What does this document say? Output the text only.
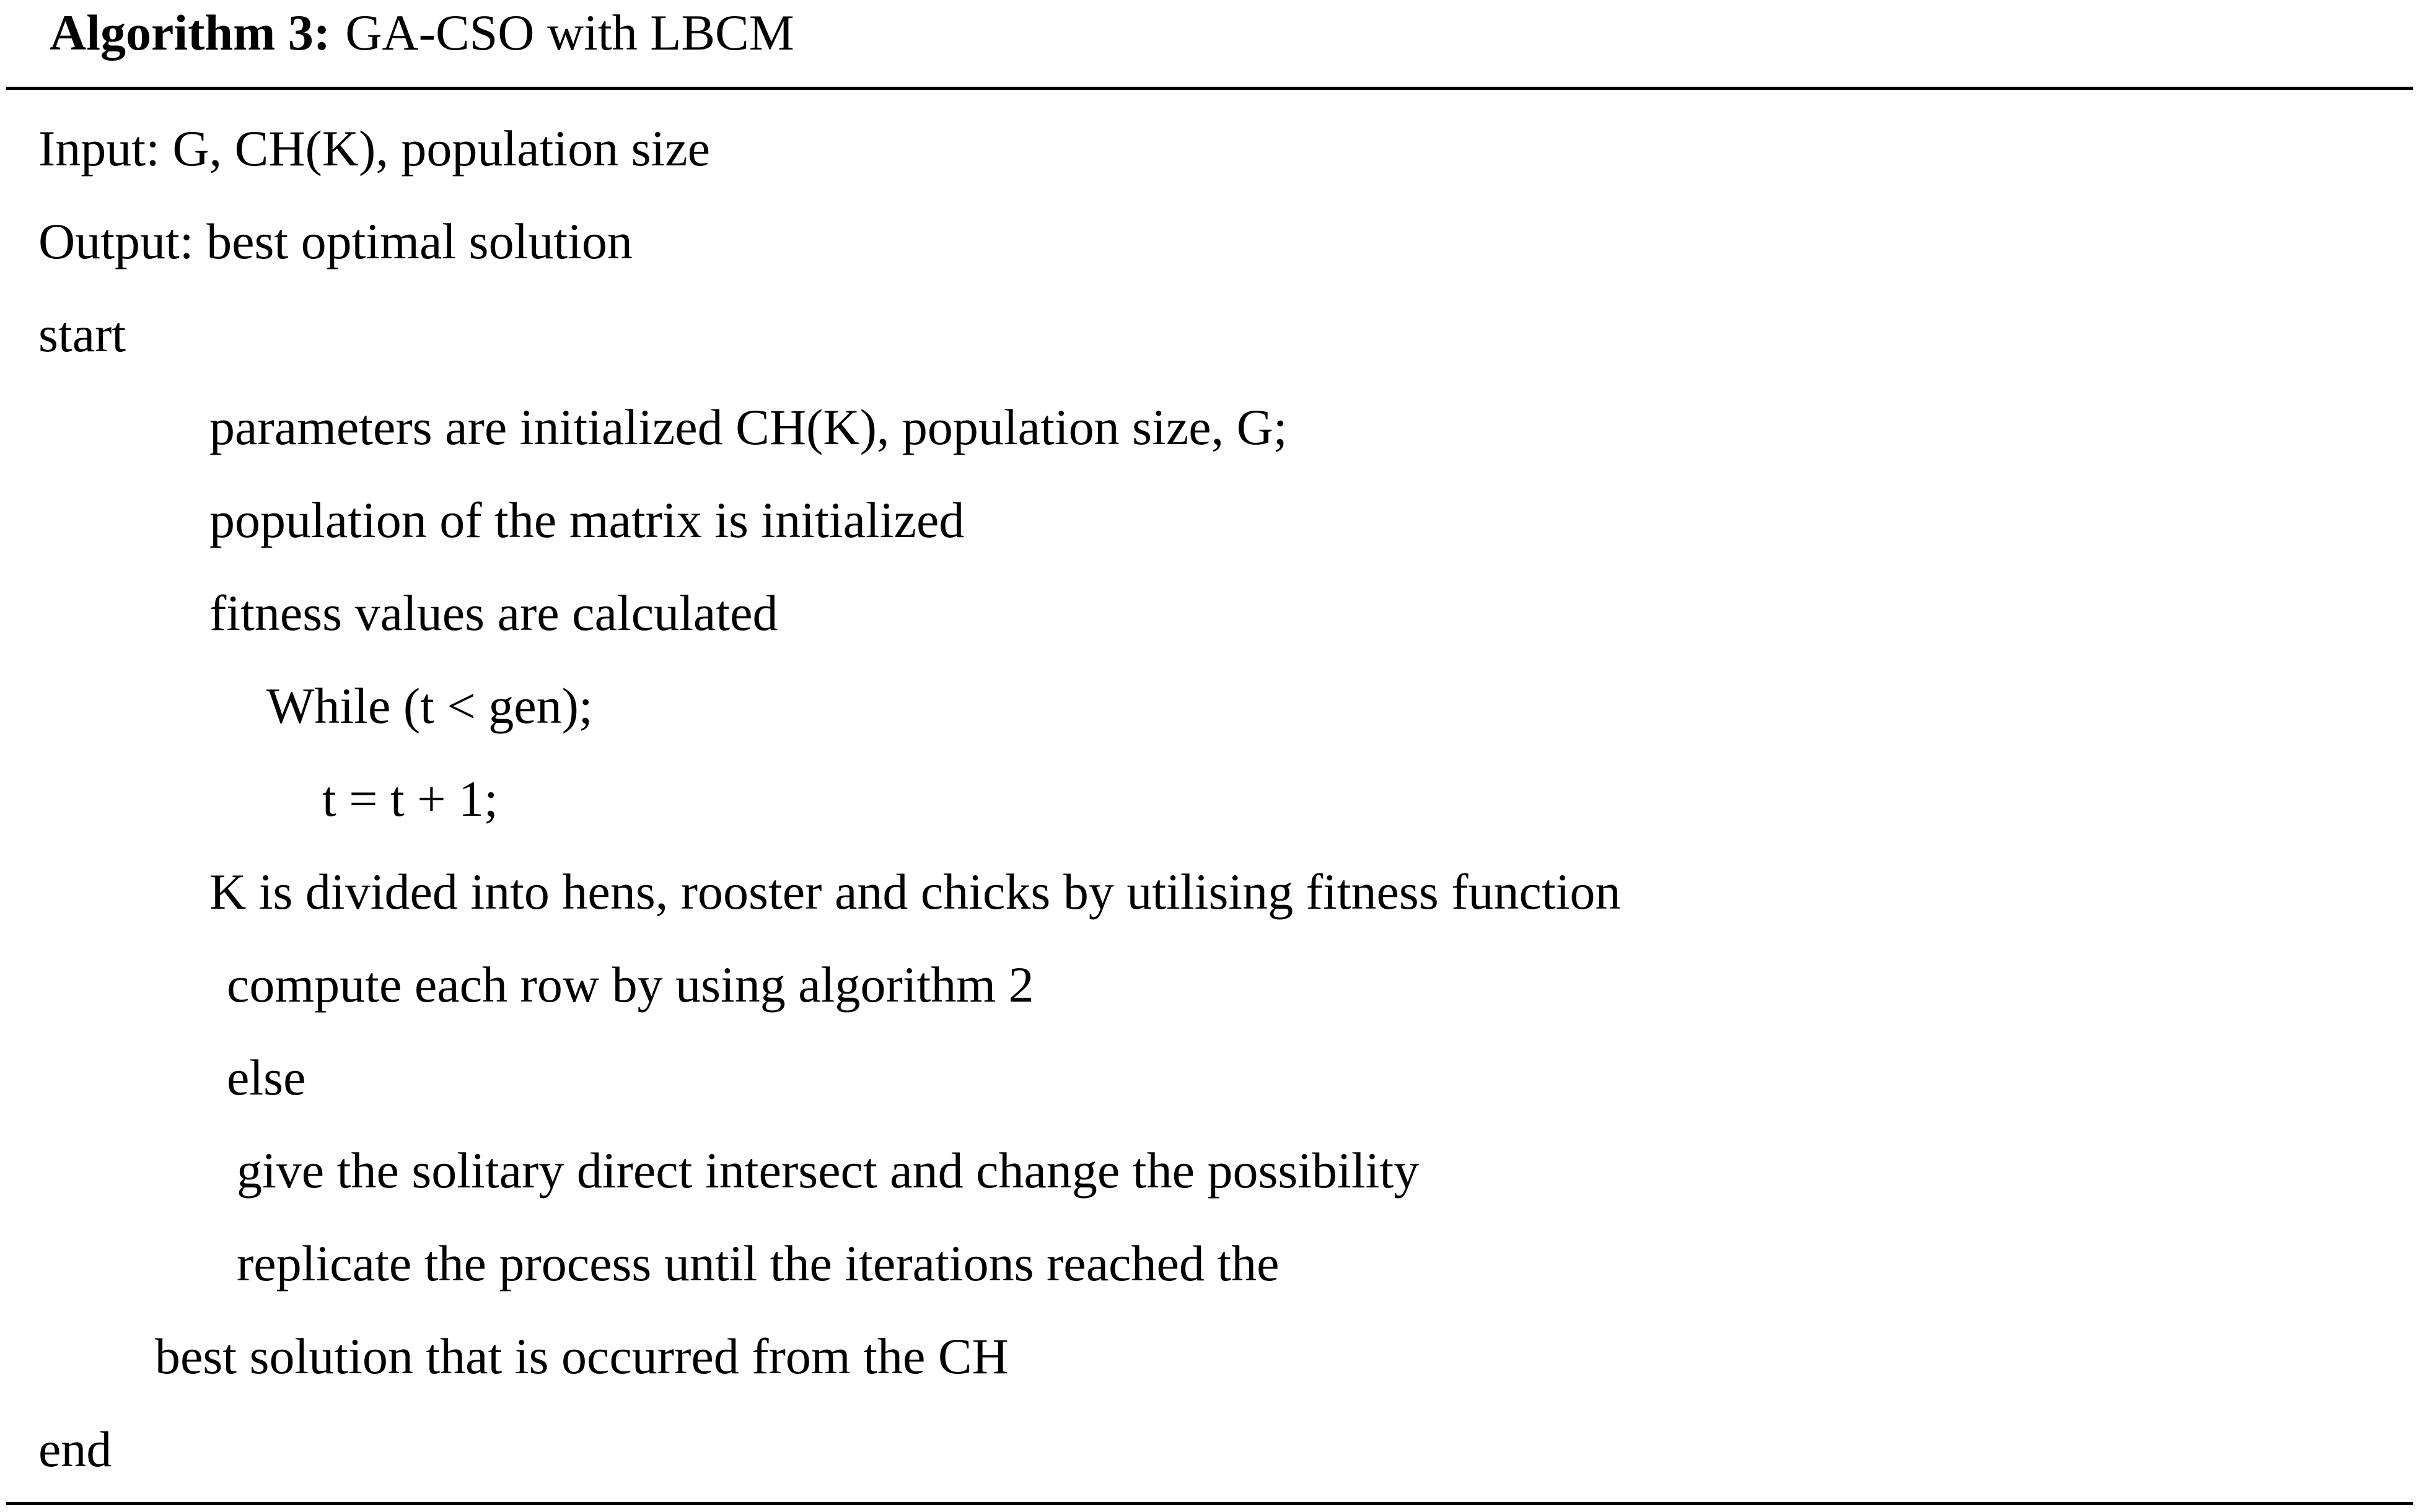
Algorithm 3: GA-CSO with LBCM
Input: G, CH(K), population size
Output: best optimal solution
start
parameters are initialized CH(K), population size, G;
population of the matrix is initialized
fitness values are calculated
While (t < gen);
t = t + 1;
K is divided into hens, rooster and chicks by utilising fitness function
compute each row by using algorithm 2
else
give the solitary direct intersect and change the possibility
replicate the process until the iterations reached the
best solution that is occurred from the CH
end
